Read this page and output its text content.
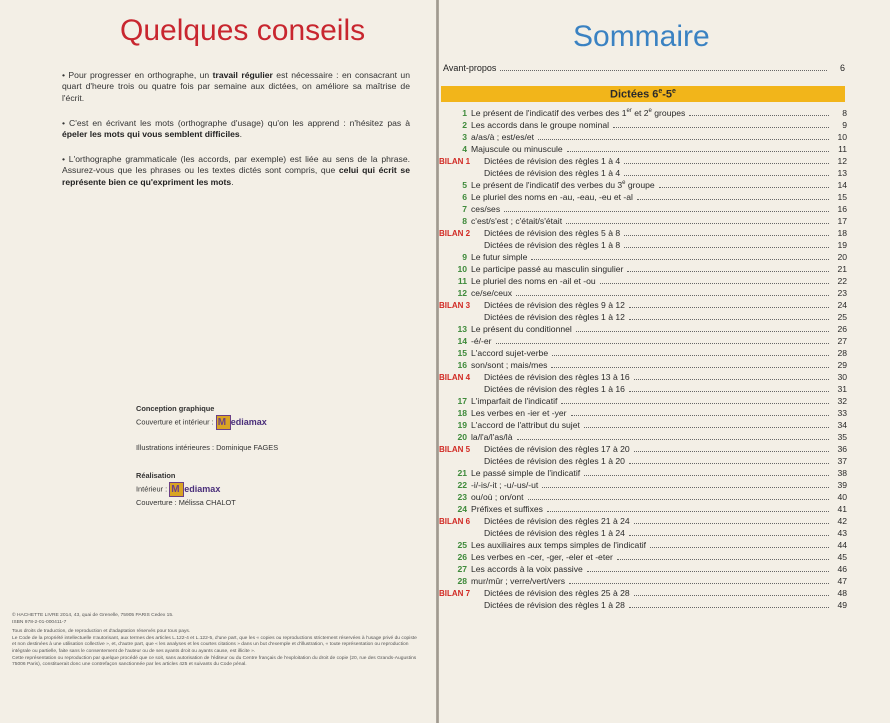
Quelques conseils
• Pour progresser en orthographe, un travail régulier est nécessaire : en consacrant un quart d'heure trois ou quatre fois par semaine aux dictées, on améliore sa maîtrise de l'écrit.
• C'est en écrivant les mots (orthographe d'usage) qu'on les apprend : n'hésitez pas à épeler les mots qui vous semblent difficiles.
• L'orthographe grammaticale (les accords, par exemple) est liée au sens de la phrase. Assurez-vous que les phrases ou les textes dictés sont compris, que celui qui écrit se représente bien ce qu'expriment les mots.
Conception graphique
Couverture et intérieur : M ediamax
Illustrations intérieures : Dominique FAGES
Réalisation
Intérieur : M ediamax
Couverture : Mélissa CHALOT
© HACHETTE LIVRE 2014, 43, quai de Grenelle, 75905 PARIS Cedex 15.
ISBN 978-2-01-000411-7
Tous droits de traduction, de reproduction et d'adaptation réservés pour tous pays.
Le Code de la propriété intellectuelle n'autorisant, aux termes des articles L.122-4 et L.122-5, d'une part, que les « copies ou reproductions strictement réservées à l'usage privé du copiste et non destinées à une utilisation collective », et, d'autre part, que « les analyses et les courtes citations » dans un but d'exemple et d'illustration, « toute représentation ou reproduction intégrale ou partielle, faite sans le consentement de l'auteur ou de ses ayants droit ou ayants cause, est illicite ».
Cette représentation ou reproduction par quelque procédé que ce soit, sans autorisation de l'éditeur ou du Centre français de l'exploitation du droit de copie (20, rue des Grands-Augustins 75006 Paris), constituerait donc une contrefaçon sanctionnée par les articles 425 et suivants du Code pénal.
Sommaire
Avant-propos	6
Dictées 6e-5e
1 Le présent de l'indicatif des verbes des 1er et 2e groupes	8
2 Les accords dans le groupe nominal	9
3 a/as/à ; est/es/et	10
4 Majuscule ou minuscule	11
BILAN 1	Dictées de révision des règles 1 à 4	12
Dictées de révision des règles 1 à 4	13
5 Le présent de l'indicatif des verbes du 3e groupe	14
6 Le pluriel des noms en -au, -eau, -eu et -al	15
7 ces/ses	16
8 c'est/s'est ; c'était/s'était	17
BILAN 2	Dictées de révision des règles 5 à 8	18
Dictées de révision des règles 1 à 8	19
9 Le futur simple	20
10 Le participe passé au masculin singulier	21
11 Le pluriel des noms en -ail et -ou	22
12 ce/se/ceux	23
BILAN 3	Dictées de révision des règles 9 à 12	24
Dictées de révision des règles 1 à 12	25
13 Le présent du conditionnel	26
14 -é/-er	27
15 L'accord sujet-verbe	28
16 son/sont ; mais/mes	29
BILAN 4	Dictées de révision des règles 13 à 16	30
Dictées de révision des règles 1 à 16	31
17 L'imparfait de l'indicatif	32
18 Les verbes en -ier et -yer	33
19 L'accord de l'attribut du sujet	34
20 la/l'a/l'as/là	35
BILAN 5	Dictées de révision des règles 17 à 20	36
Dictées de révision des règles 1 à 20	37
21 Le passé simple de l'indicatif	38
22 -i/-is/-it ; -u/-us/-ut	39
23 ou/où ; on/ont	40
24 Préfixes et suffixes	41
BILAN 6	Dictées de révision des règles 21 à 24	42
Dictées de révision des règles 1 à 24	43
25 Les auxiliaires aux temps simples de l'indicatif	44
26 Les verbes en -cer, -ger, -eler et -eter	45
27 Les accords à la voix passive	46
28 mur/mûr ; verre/vert/vers	47
BILAN 7	Dictées de révision des règles 25 à 28	48
Dictées de révision des règles 1 à 28	49
